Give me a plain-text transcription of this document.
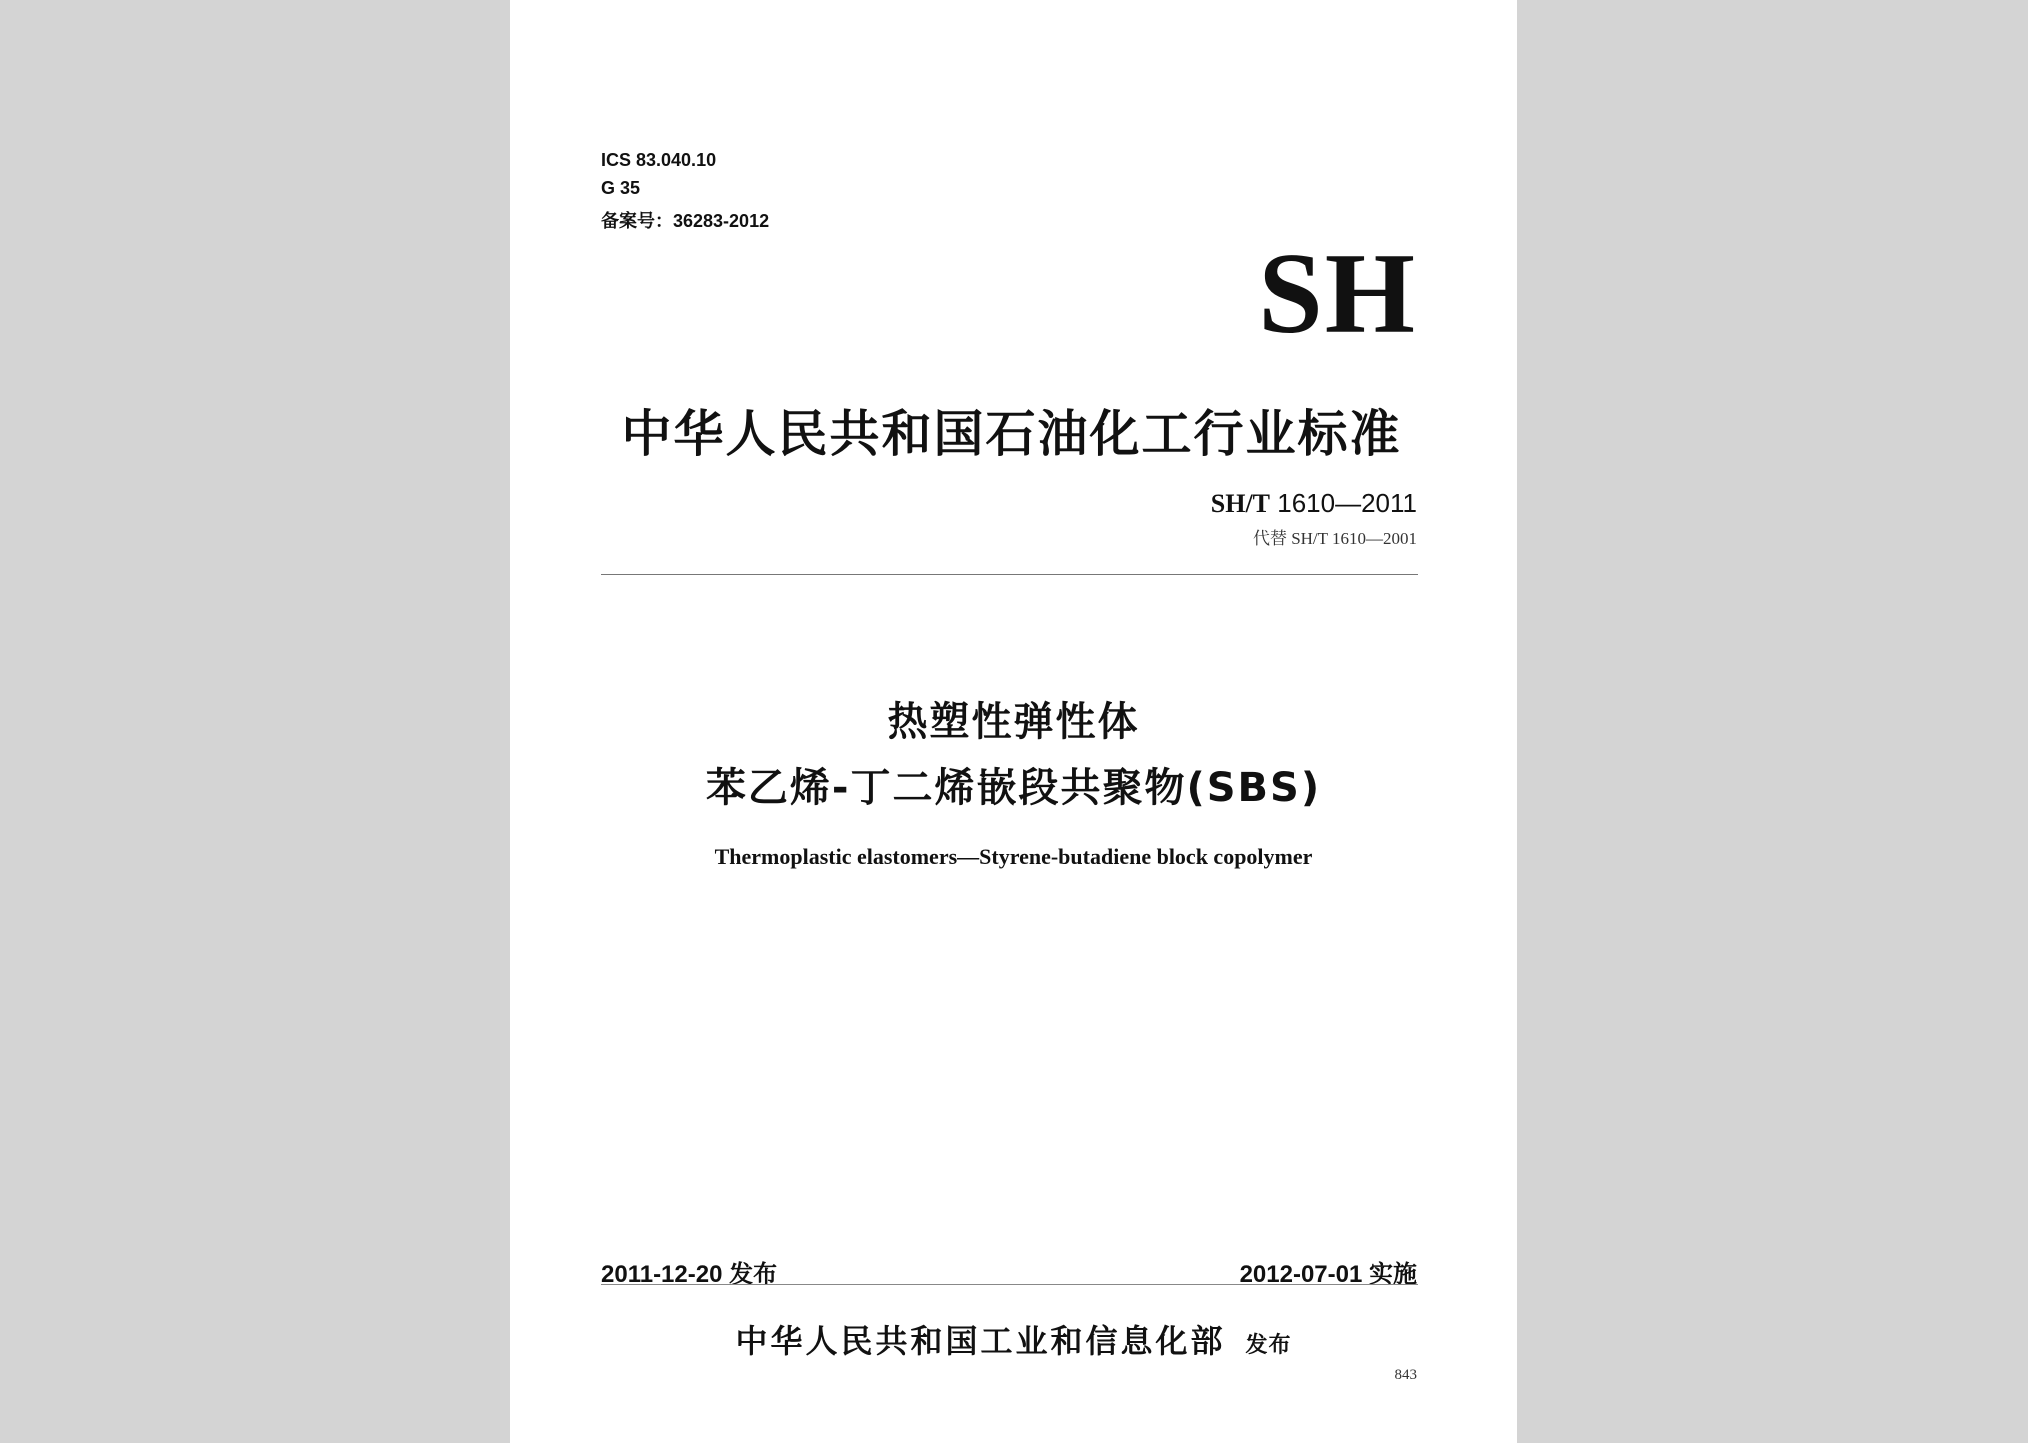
ICS 83.040.10
G 35
备案号：36283-2012
SH
中华人民共和国石油化工行业标准
SH/T 1610—2011
代替 SH/T 1610—2001
热塑性弹性体
苯乙烯-丁二烯嵌段共聚物(SBS)
Thermoplastic elastomers—Styrene-butadiene block copolymer
2011-12-20 发布	2012-07-01 实施
中华人民共和国工业和信息化部 发布
843
